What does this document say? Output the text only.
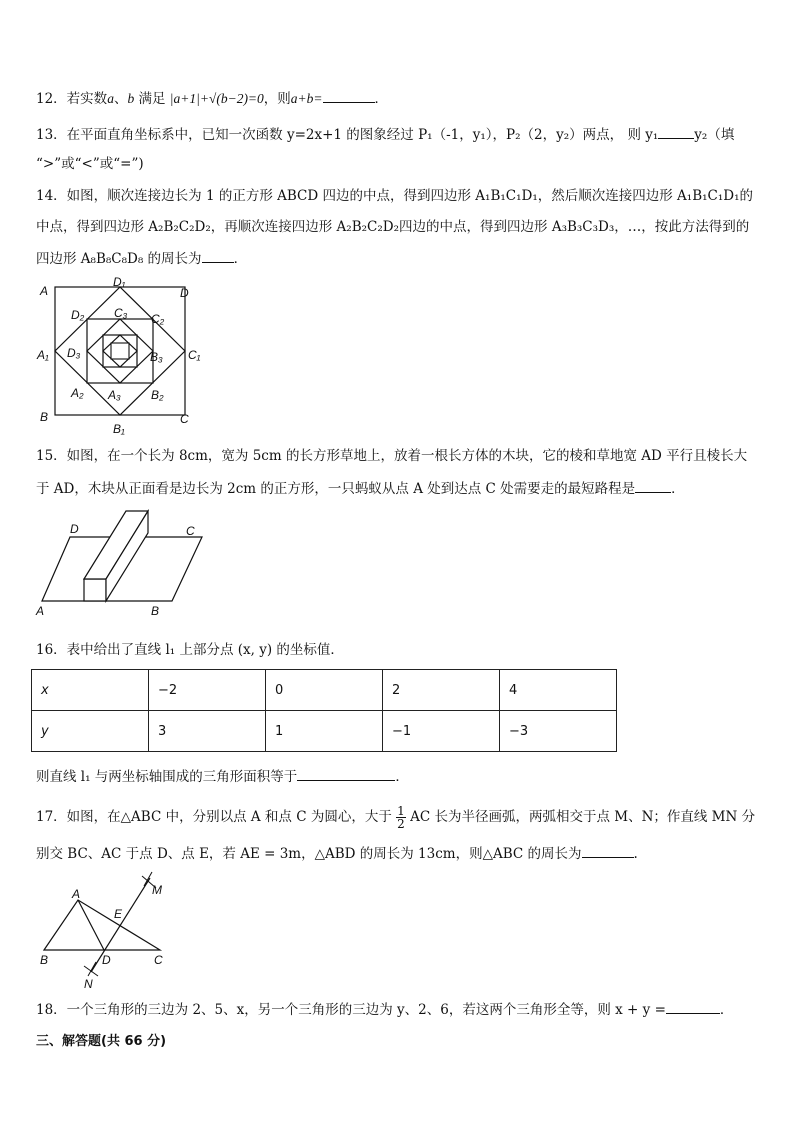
12．若实数a、b 满足 |a+1|+√(b−2)=0，则a+b=	．
13．在平面直角坐标系中，已知一次函数 y=2x+1 的图象经过 P₁（-1，y₁），P₂（2，y₂）两点， 则 y₁	y₂（填
“>”或“<”或“=”)
14．如图，顺次连接边长为 1 的正方形 ABCD 四边的中点，得到四边形 A₁B₁C₁D₁，然后顺次连接四边形 A₁B₁C₁D₁的
中点，得到四边形 A₂B₂C₂D₂，再顺次连接四边形 A₂B₂C₂D₂四边的中点，得到四边形 A₃B₃C₃D₃，…，按此方法得到的
四边形 A₈B₈C₈D₈ 的周长为 ．
A	D
B	C
D₁
C₁
B₁
A₁
D₂	C₂
B₂
A₂
C₃
B₃
A₃
D₃
15．如图，在一个长为 8cm，宽为 5cm 的长方形草地上，放着一根长方体的木块，它的棱和草地宽 AD 平行且棱长大
于 AD，木块从正面看是边长为 2cm 的正方形，一只蚂蚁从点 A 处到达点 C 处需要走的最短路程是	．
D	C
A	B
16．表中给出了直线 l₁ 上部分点 (x, y) 的坐标值．
x	−2	0	2	4
y	3	1	−1	−3
则直线 l₁ 与两坐标轴围成的三角形面积等于	．
17．如图，在△ABC 中，分别以点 A 和点 C 为圆心，大于 $\frac{1}{2}$ AC 长为半径画弧，两弧相交于点 M、N；作直线 MN 分
别交 BC、AC 于点 D、点 E，若 AE = 3m，△ABD 的周长为 13cm，则△ABC 的周长为	.
A
B	C
D
E
M
N
18．一个三角形的三边为 2、5、x，另一个三角形的三边为 y、2、6，若这两个三角形全等，则 x + y =	．
三、解答题(共 66 分)
